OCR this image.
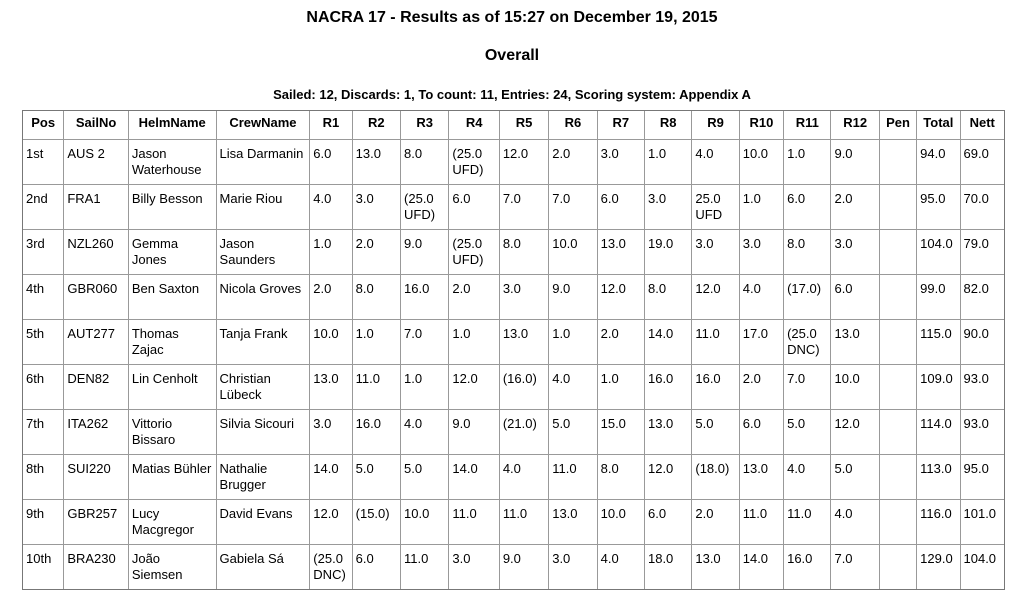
NACRA 17 - Results as of 15:27 on December 19, 2015
Overall
Sailed: 12, Discards: 1, To count: 11, Entries: 24, Scoring system: Appendix A
Pos	SailNo	HelmName	CrewName	R1	R2	R3	R4	R5	R6	R7	R8	R9	R10	R11	R12	Pen	Total	Nett
1st	AUS 2	Jason Waterhouse	Lisa Darmanin	6.0	13.0	8.0	(25.0 UFD)	12.0	2.0	3.0	1.0	4.0	10.0	1.0	9.0		94.0	69.0
2nd	FRA1	Billy Besson	Marie Riou	4.0	3.0	(25.0 UFD)	6.0	7.0	7.0	6.0	3.0	25.0 UFD	1.0	6.0	2.0		95.0	70.0
3rd	NZL260	Gemma Jones	Jason Saunders	1.0	2.0	9.0	(25.0 UFD)	8.0	10.0	13.0	19.0	3.0	3.0	8.0	3.0		104.0	79.0
4th	GBR060	Ben Saxton	Nicola Groves	2.0	8.0	16.0	2.0	3.0	9.0	12.0	8.0	12.0	4.0	(17.0)	6.0		99.0	82.0
5th	AUT277	Thomas Zajac	Tanja Frank	10.0	1.0	7.0	1.0	13.0	1.0	2.0	14.0	11.0	17.0	(25.0 DNC)	13.0		115.0	90.0
6th	DEN82	Lin Cenholt	Christian Lübeck	13.0	11.0	1.0	12.0	(16.0)	4.0	1.0	16.0	16.0	2.0	7.0	10.0		109.0	93.0
7th	ITA262	Vittorio Bissaro	Silvia Sicouri	3.0	16.0	4.0	9.0	(21.0)	5.0	15.0	13.0	5.0	6.0	5.0	12.0		114.0	93.0
8th	SUI220	Matias Bühler	Nathalie Brugger	14.0	5.0	5.0	14.0	4.0	11.0	8.0	12.0	(18.0)	13.0	4.0	5.0		113.0	95.0
9th	GBR257	Lucy Macgregor	David Evans	12.0	(15.0)	10.0	11.0	11.0	13.0	10.0	6.0	2.0	11.0	11.0	4.0		116.0	101.0
10th	BRA230	João Siemsen	Gabiela Sá	(25.0 DNC)	6.0	11.0	3.0	9.0	3.0	4.0	18.0	13.0	14.0	16.0	7.0		129.0	104.0
